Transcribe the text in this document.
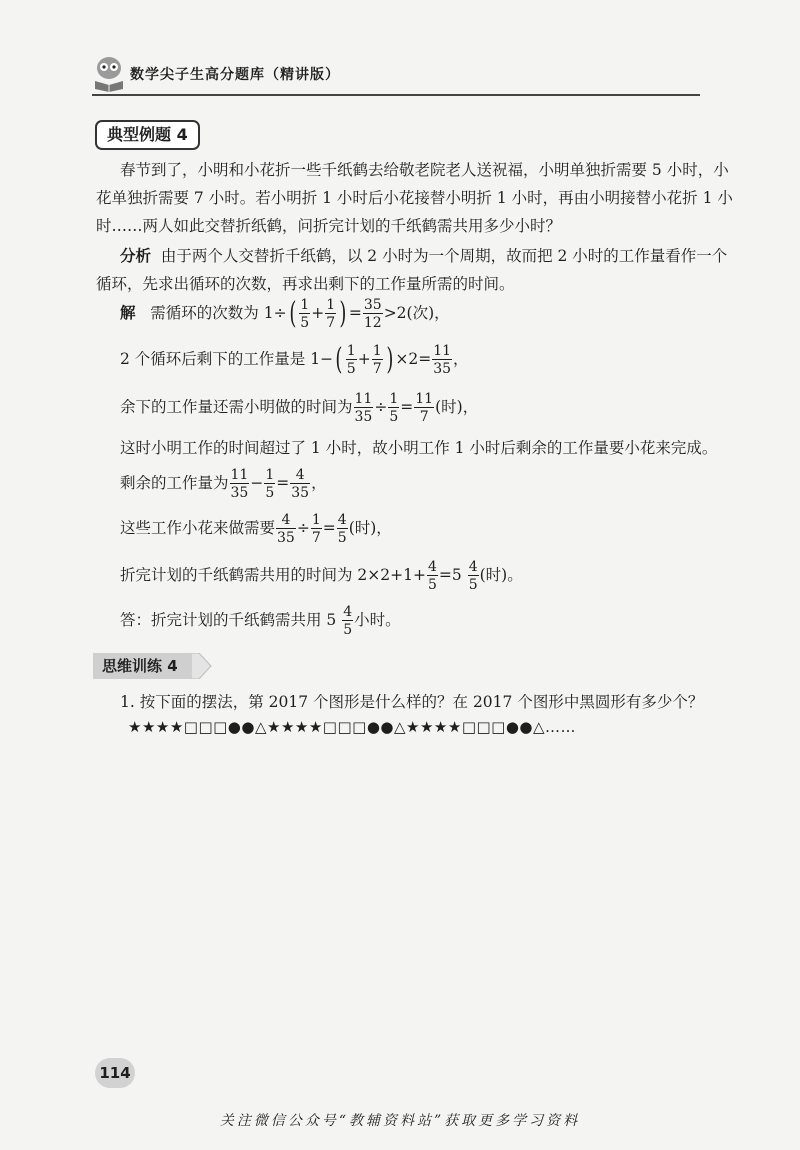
数学尖子生高分题库（精讲版）
典型例题 4
春节到了，小明和小花折一些千纸鹤去给敬老院老人送祝福，小明单独折需要 5 小时，小
花单独折需要 7 小时。若小明折 1 小时后小花接替小明折 1 小时，再由小明接替小花折 1 小
时……两人如此交替折纸鹤，问折完计划的千纸鹤需共用多少小时？
分析 由于两个人交替折千纸鹤，以 2 小时为一个周期，故而把 2 小时的工作量看作一个
循环，先求出循环的次数，再求出剩下的工作量所需的时间。
解 需循环的次数为 $1\div( \frac{1}{5} + \frac{1}{7}$ ) = $\frac{35}{12} >2$(次)，
2 个循环后剩下的工作量是 $1-( \frac{1}{5} + \frac{1}{7}$ ) $\times 2= \frac{11}{35}$ ，
余下的工作量还需小明做的时间为 $\frac{11}{35} \div \frac{1}{5} = \frac{11}{7}$ (时)，
这时小明工作的时间超过了 1 小时，故小明工作 1 小时后剩余的工作量要小花来完成。
剩余的工作量为 $\frac{11}{35} - \frac{1}{5} = \frac{4}{35}$ ，
这些工作小花来做需要 $\frac{4}{35} \div \frac{1}{7} = \frac{4}{5}$ (时)，
折完计划的千纸鹤需共用的时间为 $2\times 2+1+ \frac{4}{5} =5 \frac{4}{5}$ (时)。
答：折完计划的千纸鹤需共用 $5 \frac{4}{5}$ 小时。
思维训练 4
1. 按下面的摆法，第 2017 个图形是什么样的？在 2017 个图形中黑圆形有多少个？
★★★★□□□●●△★★★★□□□●●△★★★★□□□●●△……
114
关注微信公众号“教辅资料站”获取更多学习资料
